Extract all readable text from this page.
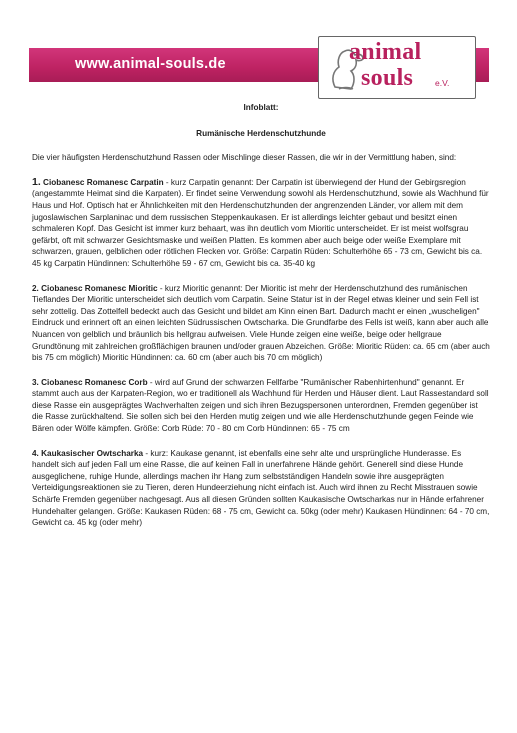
www.animal-souls.de	animal
souls	e.V.

Infoblatt:

Rumänische Herdenschutzhunde

Die vier häufigsten Herdenschutzhund Rassen oder Mischlinge dieser Rassen, die wir in der Vermittlung haben, sind:

1. Ciobanesc Romanesc Carpatin - kurz Carpatin genannt: Der Carpatin ist überwiegend der Hund der Gebirgsregion (angestammte Heimat sind die Karpaten). Er findet seine Verwendung sowohl als Herdenschutzhund, sowie als Wachhund für Haus und Hof. Optisch hat er Ähnlichkeiten mit den Herdenschutzhunden der angrenzenden Länder, vor allem mit dem jugoslawischen Sarplaninac und dem russischen Steppenkaukasen. Er ist allerdings leichter gebaut und besitzt einen schmaleren Kopf. Das Gesicht ist immer kurz behaart, was ihn deutlich vom Mioritic unterscheidet. Er ist meist wolfsgrau gefärbt, oft mit schwarzer Gesichtsmaske und weißen Platten. Es kommen aber auch beige oder weiße Exemplare mit schwarzen, grauen, gelblichen oder rötlichen Flecken vor. Größe: Carpatin Rüden: Schulterhöhe 65 - 73 cm, Gewicht bis ca. 45 kg Carpatin Hündinnen: Schulterhöhe 59 - 67 cm, Gewicht bis ca. 35-40 kg

2. Ciobanesc Romanesc Mioritic - kurz Mioritic genannt: Der Mioritic ist mehr der Herdenschutzhund des rumänischen Tieflandes Der Mioritic unterscheidet sich deutlich vom Carpatin. Seine Statur ist in der Regel etwas kleiner und sein Fell ist sehr zottelig. Das Zottelfell bedeckt auch das Gesicht und bildet am Kinn einen Bart. Dadurch macht er einen „wuscheligen" Eindruck und erinnert oft an einen leichten Südrussischen Owtscharka. Die Grundfarbe des Fells ist weiß, kann aber auch alle Nuancen von gelblich und bräunlich bis hellgrau aufweisen. Viele Hunde zeigen eine weiße, beige oder hellgraue Grundtönung mit zahlreichen großflächigen braunen und/oder grauen Abzeichen. Größe: Mioritic Rüden: ca. 65 cm (aber auch bis 75 cm möglich) Mioritic Hündinnen: ca. 60 cm (aber auch bis 70 cm möglich)

3. Ciobanesc Romanesc Corb - wird auf Grund der schwarzen Fellfarbe "Rumänischer Rabenhirtenhund" genannt. Er stammt auch aus der Karpaten-Region, wo er traditionell als Wachhund für Herden und Häuser dient. Laut Rassestandard soll diese Rasse ein ausgeprägtes Wachverhalten zeigen und sich ihren Bezugspersonen unterordnen, Fremden gegenüber ist die Rasse zurückhaltend. Sie sollen sich bei den Herden mutig zeigen und wie alle Herdenschutzhunde gegen Feinde wie Bären oder Wölfe kämpfen. Größe: Corb Rüde: 70 - 80 cm Corb Hündinnen: 65 - 75 cm

4. Kaukasischer Owtscharka - kurz: Kaukase genannt, ist ebenfalls eine sehr alte und ursprüngliche Hunderasse. Es handelt sich auf jeden Fall um eine Rasse, die auf keinen Fall in unerfahrene Hände gehört. Generell sind diese Hunde ausgeglichene, ruhige Hunde, allerdings machen ihr Hang zum selbstständigen Handeln sowie ihre ausgeprägten Verteidigungsreaktionen sie zu Tieren, deren Hundeerziehung nicht einfach ist. Auch wird ihnen zu Recht Misstrauen sowie Schärfe Fremden gegenüber nachgesagt. Aus all diesen Gründen sollten Kaukasische Owtscharkas nur in Hände erfahrener Hundehalter gelangen. Größe: Kaukasen Rüden: 68 - 75 cm, Gewicht ca. 50kg (oder mehr) Kaukasen Hündinnen: 64 - 70 cm, Gewicht ca. 45 kg (oder mehr)
